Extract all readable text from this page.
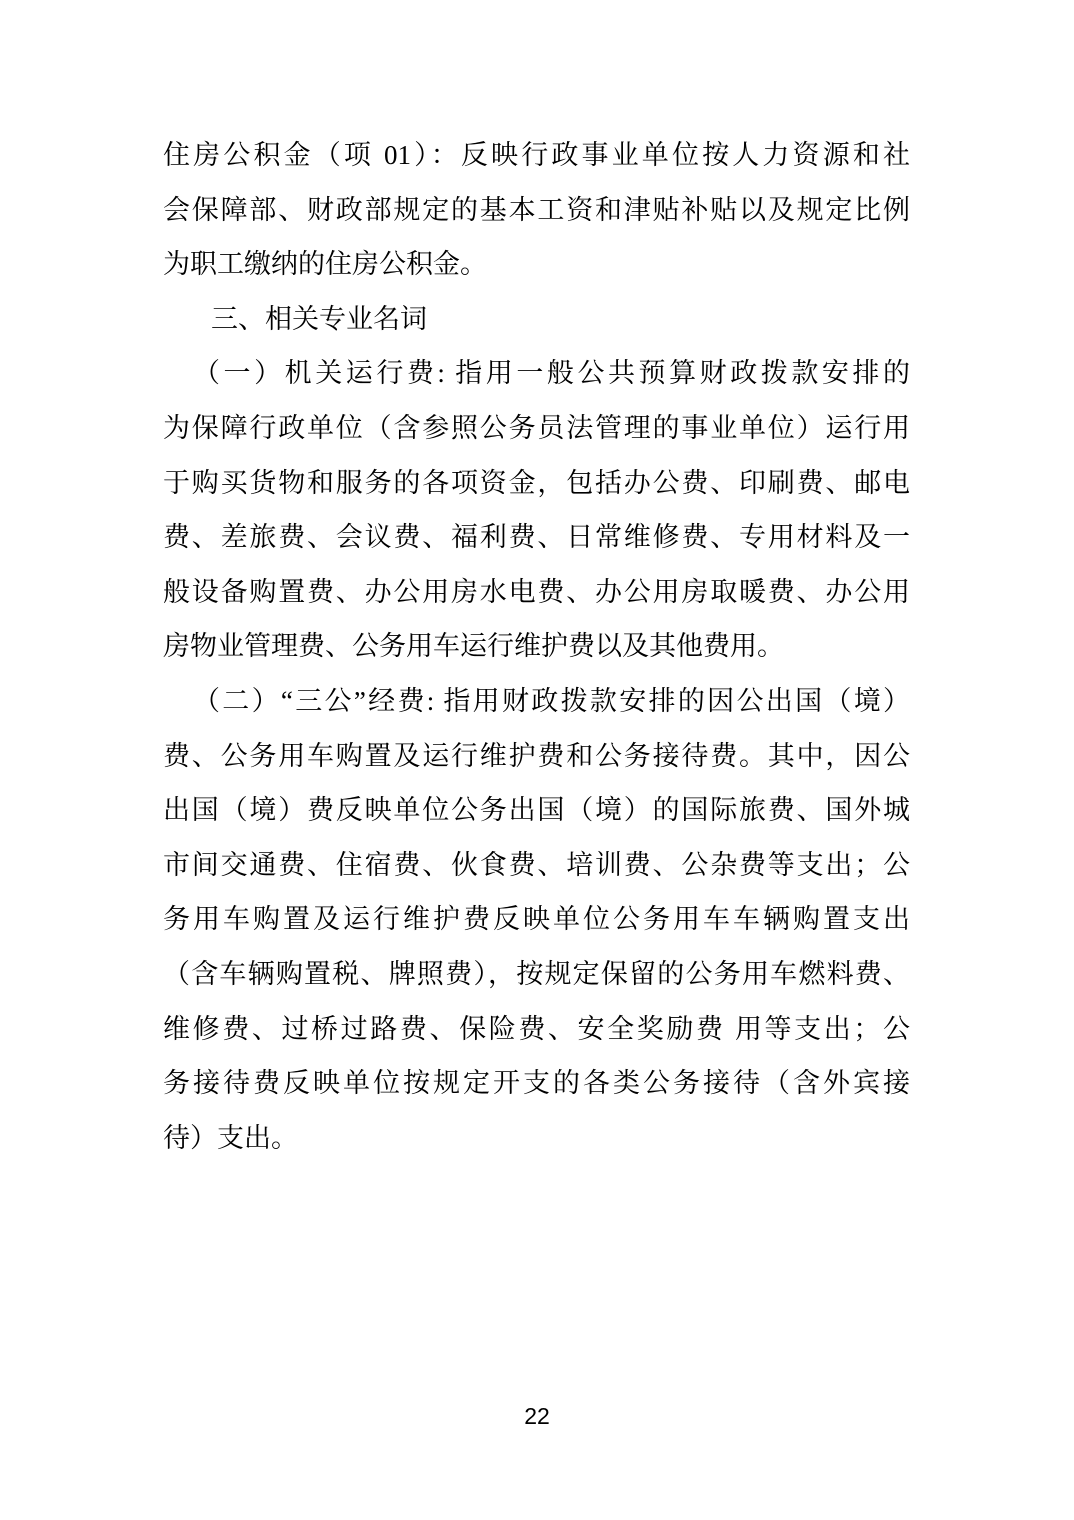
住房公积金（项 01）：反映行政事业单位按人力资源和社
会保障部、财政部规定的基本工资和津贴补贴以及规定比例
为职工缴纳的住房公积金。
三、相关专业名词
（一）机关运行费: 指用一般公共预算财政拨款安排的
为保障行政单位（含参照公务员法管理的事业单位）运行用
于购买货物和服务的各项资金，包括办公费、印刷费、邮电
费、差旅费、会议费、福利费、日常维修费、专用材料及一
般设备购置费、办公用房水电费、办公用房取暖费、办公用
房物业管理费、公务用车运行维护费以及其他费用。
（二）“三公”经费: 指用财政拨款安排的因公出国（境）
费、公务用车购置及运行维护费和公务接待费。其中，因公
出国（境）费反映单位公务出国（境）的国际旅费、国外城
市间交通费、住宿费、伙食费、培训费、公杂费等支出；公
务用车购置及运行维护费反映单位公务用车车辆购置支出
（含车辆购置税、牌照费），按规定保留的公务用车燃料费、
维修费、过桥过路费、保险费、安全奖励费 用等支出；公
务接待费反映单位按规定开支的各类公务接待（含外宾接
待）支出。
22
